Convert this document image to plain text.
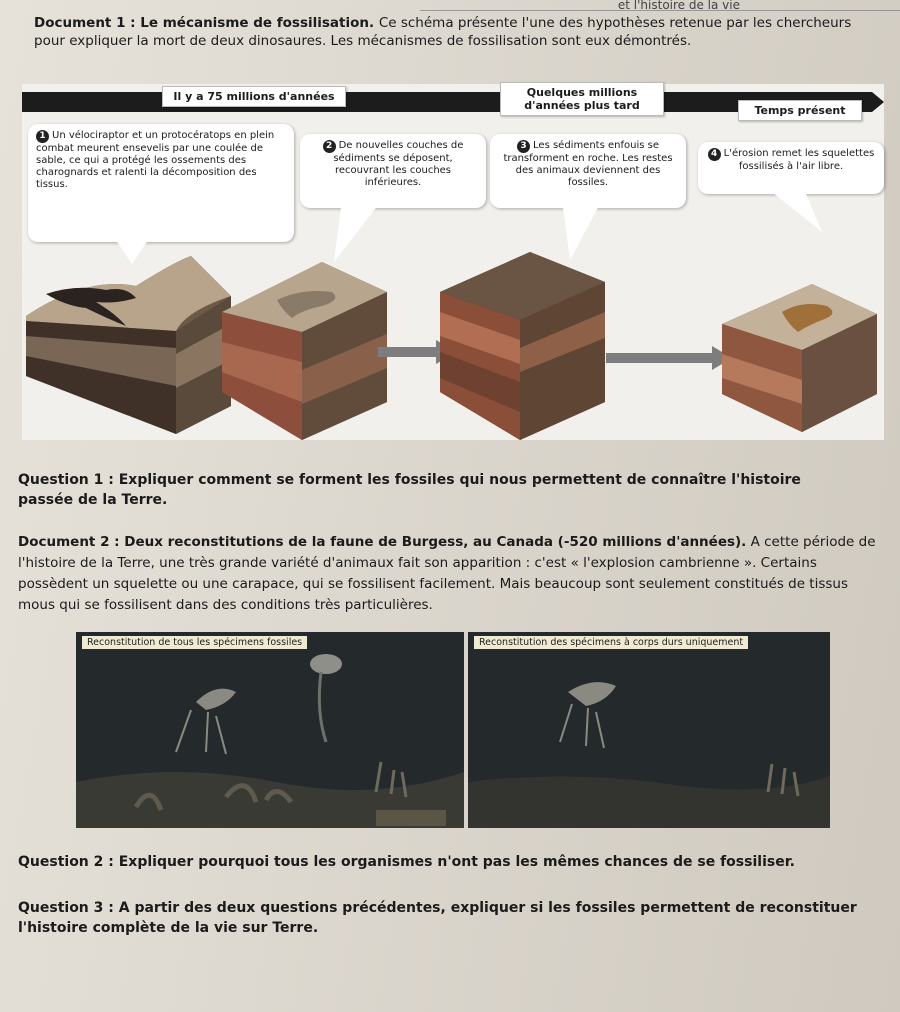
et l'histoire de la vie
Document 1 : Le mécanisme de fossilisation. Ce schéma présente l'une des hypothèses retenue par les chercheurs pour expliquer la mort de deux dinosaures. Les mécanismes de fossilisation sont eux démontrés.
Il y a 75 millions d'années	Quelques millions d'années plus tard	Temps présent
1 Un vélociraptor et un protocératops en plein combat meurent ensevelis par une coulée de sable, ce qui a protégé les ossements des charognards et ralenti la décomposition des tissus.
2 De nouvelles couches de sédiments se déposent, recouvrant les couches inférieures.
3 Les sédiments enfouis se transforment en roche. Les restes des animaux deviennent des fossiles.
4 L'érosion remet les squelettes fossilisés à l'air libre.
Question 1 : Expliquer comment se forment les fossiles qui nous permettent de connaître l'histoire passée de la Terre.
Document 2 : Deux reconstitutions de la faune de Burgess, au Canada (-520 millions d'années). A cette période de l'histoire de la Terre, une très grande variété d'animaux fait son apparition : c'est « l'explosion cambrienne ». Certains possèdent un squelette ou une carapace, qui se fossilisent facilement. Mais beaucoup sont seulement constitués de tissus mous qui se fossilisent dans des conditions très particulières.
Reconstitution de tous les spécimens fossiles	Reconstitution des spécimens à corps durs uniquement
Question 2 : Expliquer pourquoi tous les organismes n'ont pas les mêmes chances de se fossiliser.
Question 3 : A partir des deux questions précédentes, expliquer si les fossiles permettent de reconstituer l'histoire complète de la vie sur Terre.
